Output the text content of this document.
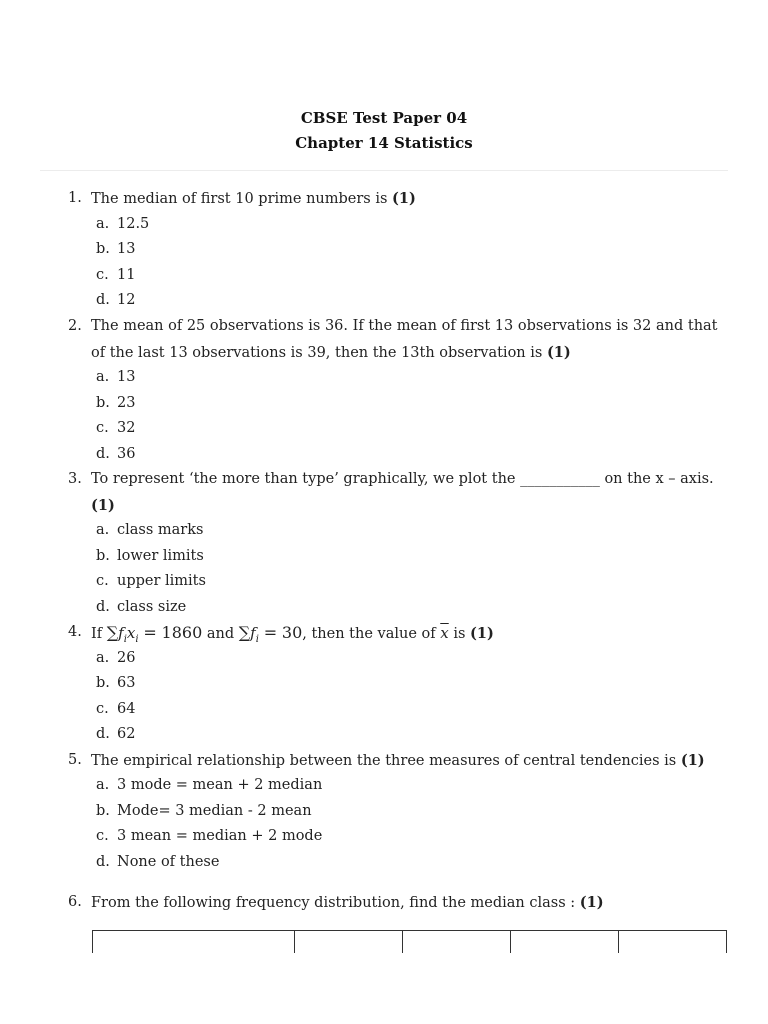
CBSE Test Paper 04
Chapter 14 Statistics
1. The median of first 10 prime numbers is (1)
a. 12.5
b. 13
c. 11
d. 12
2. The mean of 25 observations is 36. If the mean of first 13 observations is 32 and that of the last 13 observations is 39, then the 13th observation is (1)
a. 13
b. 23
c. 32
d. 36
3. To represent ‘the more than type’ graphically, we plot the ___________ on the x – axis. (1)
a. class marks
b. lower limits
c. upper limits
d. class size
4. If $\sum f_ix_i = 1860$ and $\sum f_i = 30$, then the value of $\overline{x}$ is (1)
a. 26
b. 63
c. 64
d. 62
5. The empirical relationship between the three measures of central tendencies is (1)
a. 3 mode = mean + 2 median
b. Mode= 3 median - 2 mean
c. 3 mean = median + 2 mode
d. None of these
6. From the following frequency distribution, find the median class : (1)
